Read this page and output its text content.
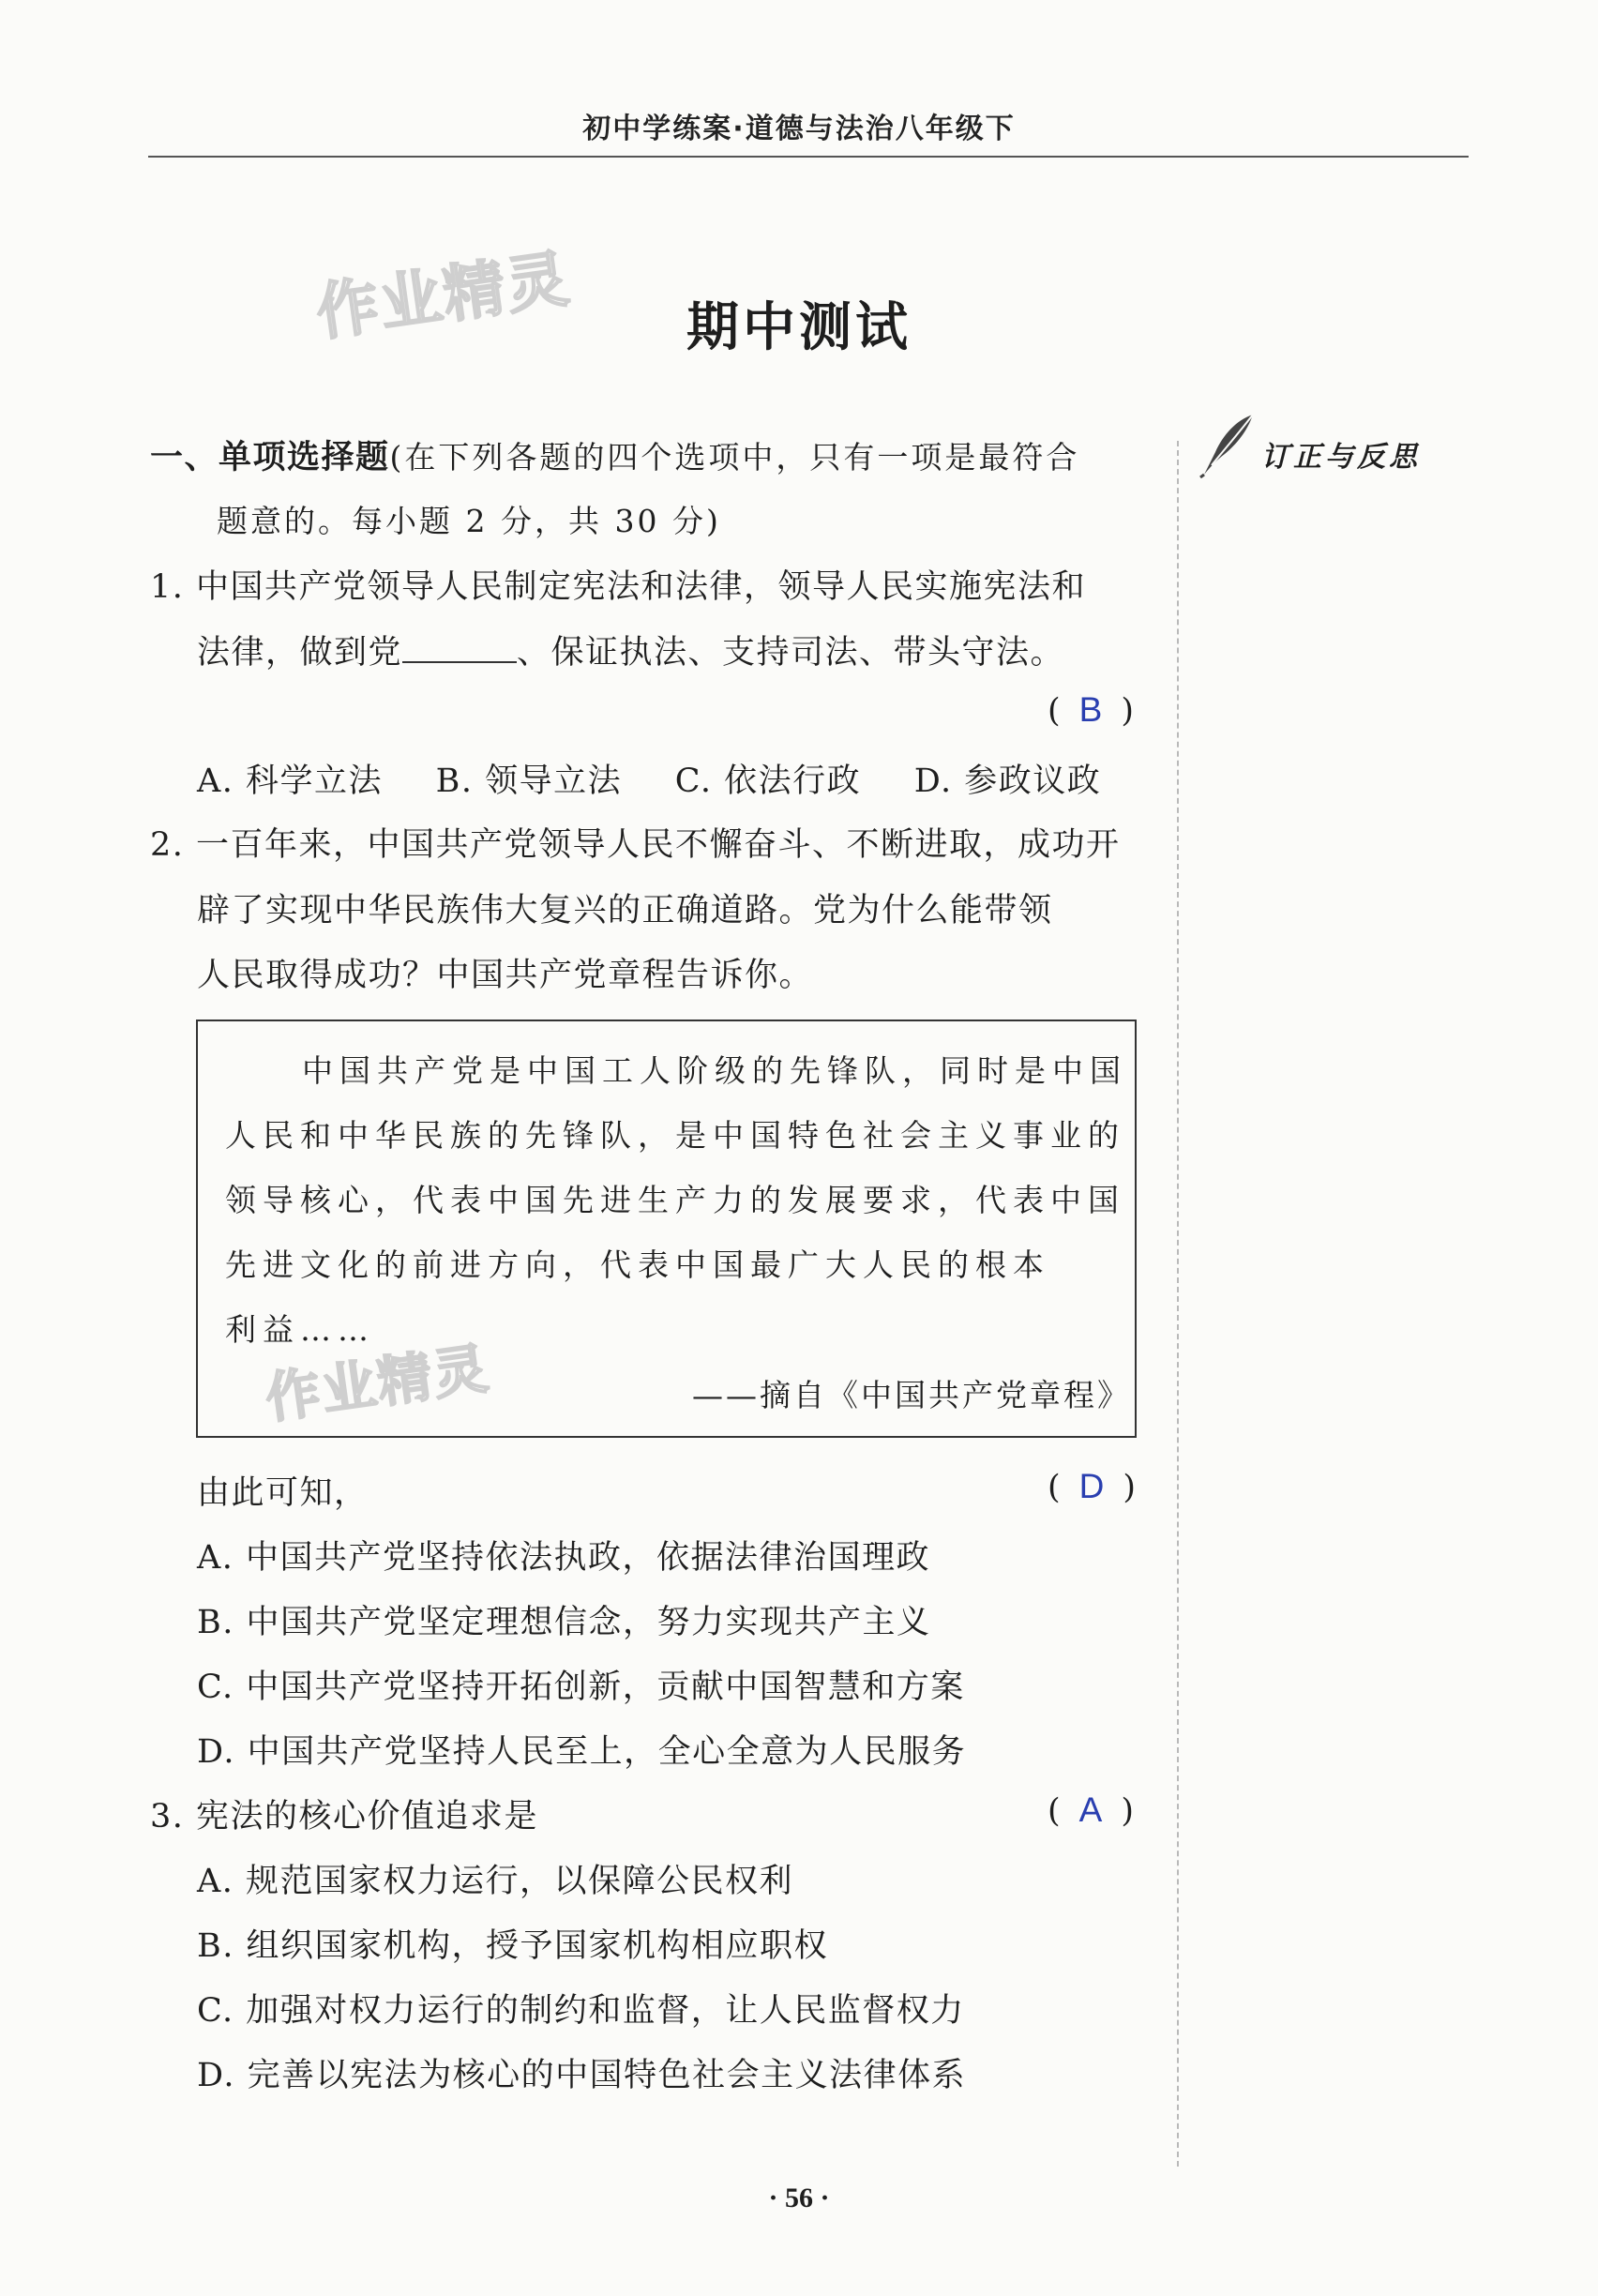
初中学练案·道德与法治八年级下
作业精灵
作业精灵
期中测试
订正与反思
一、单项选择题(在下列各题的四个选项中，只有一项是最符合
题意的。每小题 2 分，共 30 分)
1. 中国共产党领导人民制定宪法和法律，领导人民实施宪法和
法律，做到党	、保证执法、支持司法、带头守法。
( B )
A. 科学立法 B. 领导立法 C. 依法行政 D. 参政议政
2. 一百年来，中国共产党领导人民不懈奋斗、不断进取，成功开
辟了实现中华民族伟大复兴的正确道路。党为什么能带领
人民取得成功？中国共产党章程告诉你。
中国共产党是中国工人阶级的先锋队，同时是中国
人民和中华民族的先锋队，是中国特色社会主义事业的
领导核心，代表中国先进生产力的发展要求，代表中国
先进文化的前进方向，代表中国最广大人民的根本
利益……
——摘自《中国共产党章程》
由此可知，	( D )
A. 中国共产党坚持依法执政，依据法律治国理政
B. 中国共产党坚定理想信念，努力实现共产主义
C. 中国共产党坚持开拓创新，贡献中国智慧和方案
D. 中国共产党坚持人民至上，全心全意为人民服务
3. 宪法的核心价值追求是	( A )
A. 规范国家权力运行，以保障公民权利
B. 组织国家机构，授予国家机构相应职权
C. 加强对权力运行的制约和监督，让人民监督权力
D. 完善以宪法为核心的中国特色社会主义法律体系
· 56 ·
